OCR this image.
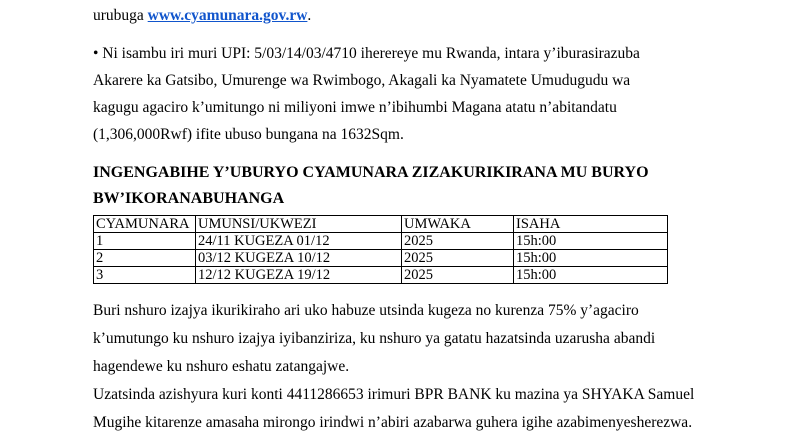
urubuga www.cyamunara.gov.rw.
• Ni isambu iri muri UPI: 5/03/14/03/4710 iherereye mu Rwanda, intara y’iburasirazuba
Akarere ka Gatsibo, Umurenge wa Rwimbogo, Akagali ka Nyamatete Umudugudu wa
kagugu agaciro k’umitungo ni miliyoni imwe n’ibihumbi Magana atatu n’abitandatu
(1,306,000Rwf) ifite ubuso bungana na 1632Sqm.
INGENGABIHE Y’UBURYO CYAMUNARA ZIZAKURIKIRANA MU BURYO
BW’IKORANABUHANGA
CYAMUNARA	UMUNSI/UKWEZI	UMWAKA	ISAHA
1	24/11 KUGEZA 01/12	2025	15h:00
2	03/12 KUGEZA 10/12	2025	15h:00
3	12/12 KUGEZA 19/12	2025	15h:00
Buri nshuro izajya ikurikiraho ari uko habuze utsinda kugeza no kurenza 75% y’agaciro
k’umutungo ku nshuro izajya iyibanziriza, ku nshuro ya gatatu hazatsinda uzarusha abandi
hagendewe ku nshuro eshatu zatangajwe.
Uzatsinda azishyura kuri konti 4411286653 irimuri BPR BANK ku mazina ya SHYAKA Samuel
Mugihe kitarenze amasaha mirongo irindwi n’abiri azabarwa guhera igihe azabimenyesherezwa.
